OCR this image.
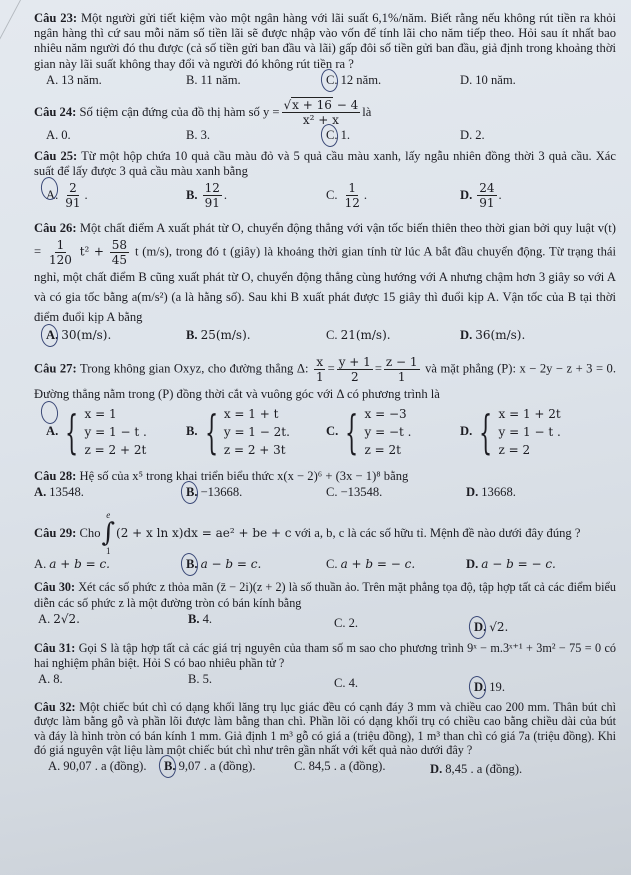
Câu 23: Một người gửi tiết kiệm vào một ngân hàng với lãi suất 6,1%/năm. Biết rằng nếu không rút tiền ra khỏi ngân hàng thì cứ sau mỗi năm số tiền lãi sẽ được nhập vào vốn để tính lãi cho năm tiếp theo. Hỏi sau ít nhất bao nhiêu năm người đó thu được (cả số tiền gửi ban đầu và lãi) gấp đôi số tiền gửi ban đầu, giả định trong khoảng thời gian này lãi suất không thay đổi và người đó không rút tiền ra ?
A. 13 năm.	B. 11 năm.	C. 12 năm.	D. 10 năm.
Câu 24:
Số tiệm cận đứng của đồ thị hàm số $y = \frac{√x + 16 - 4}{\text{x² + x}}$ là
A. 0.	B. 3.	C. 1.	D. 2.
Câu 25: Từ một hộp chứa 10 quả cầu màu đỏ và 5 quả cầu màu xanh, lấy ngẫu nhiên đồng thời 3 quả cầu. Xác suất để lấy được 3 quả cầu màu xanh bằng
A. $\frac{2}{91}$ .	B. $\frac{12}{91}$ .	C. $\frac{1}{12}$ .	D. $\frac{24}{91}$ .
Câu 26: Một chất điểm A xuất phát từ O, chuyển động thẳng với vận tốc biến thiên theo thời gian bởi quy luật $v(t) = \frac{1}{120} t^2 + \frac{58}{45}$ t (m/s), trong đó t (giây) là khoảng thời gian tính từ lúc A bắt đầu chuyển động. Từ trạng thái nghỉ, một chất điểm B cũng xuất phát từ O, chuyển động thẳng cùng hướng với A nhưng chậm hơn 3 giây so với A và có gia tốc bằng a(m/s²) (a là hằng số). Sau khi B xuất phát được 15 giây thì đuổi kịp A. Vận tốc của B tại thời điểm đuổi kịp A bằng
A. 30(m/s).	B. 25(m/s).	C. 21(m/s).	D. 36(m/s).
Câu 27: Trong không gian Oxyz, cho đường thẳng Δ: $\frac{x}{1} = \frac{y + 1}{2} = \frac{z - 1}{1}$ và mặt phẳng (P): x − 2y − z + 3 = 0. Đường thẳng nằm trong (P) đồng thời cắt và vuông góc với Δ có phương trình là
A. { x = 1
y = 1 − t .
z = 2 + 2t
B. { x = 1 + t
y = 1 − 2t.
z = 2 + 3t
C. { x = −3
y = −t .
z = 2t
D. { x = 1 + 2t
y = 1 − t .
z = 2
Câu 28: Hệ số của x⁵ trong khai triển biểu thức x(x − 2)⁶ + (3x − 1)⁸ bằng
A. 13548.	B. −13668.	C. −13548.	D. 13668.
Câu 29:
Cho
e
∫
1
(2 + x ln x)dx = ae² + be + c
với a, b, c là các số hữu tỉ. Mệnh đề nào dưới đây đúng ?
A. a + b = c.	B. a − b = c.	C. a + b = − c.	D. a − b = − c.
Câu 30: Xét các số phức z thỏa mãn (z̄ − 2i)(z + 2) là số thuần ảo. Trên mặt phẳng tọa độ, tập hợp tất cả các điểm biểu diễn các số phức z là một đường tròn có bán kính bằng
A. 2√2.	B. 4.	C. 2.	D. √2.
Câu 31: Gọi S là tập hợp tất cả các giá trị nguyên của tham số m sao cho phương trình 9ˣ − m.3ˣ⁺¹ + 3m² − 75 = 0 có hai nghiệm phân biệt. Hỏi S có bao nhiêu phần tử ?
A. 8.	B. 5.	C. 4.	D. 19.
Câu 32: Một chiếc bút chì có dạng khối lăng trụ lục giác đều có cạnh đáy 3 mm và chiều cao 200 mm. Thân bút chì được làm bằng gỗ và phần lõi được làm bằng than chì. Phần lõi có dạng khối trụ có chiều cao bằng chiều dài của bút và đáy là hình tròn có bán kính 1 mm. Giả định 1 m³ gỗ có giá a (triệu đồng), 1 m³ than chì có giá 7a (triệu đồng). Khi đó giá nguyên vật liệu làm một chiếc bút chì như trên gần nhất với kết quả nào dưới đây ?
A. 90,07 . a (đồng). B. 9,07 . a (đồng).	C. 84,5 . a (đồng).	D. 8,45 . a (đồng).
